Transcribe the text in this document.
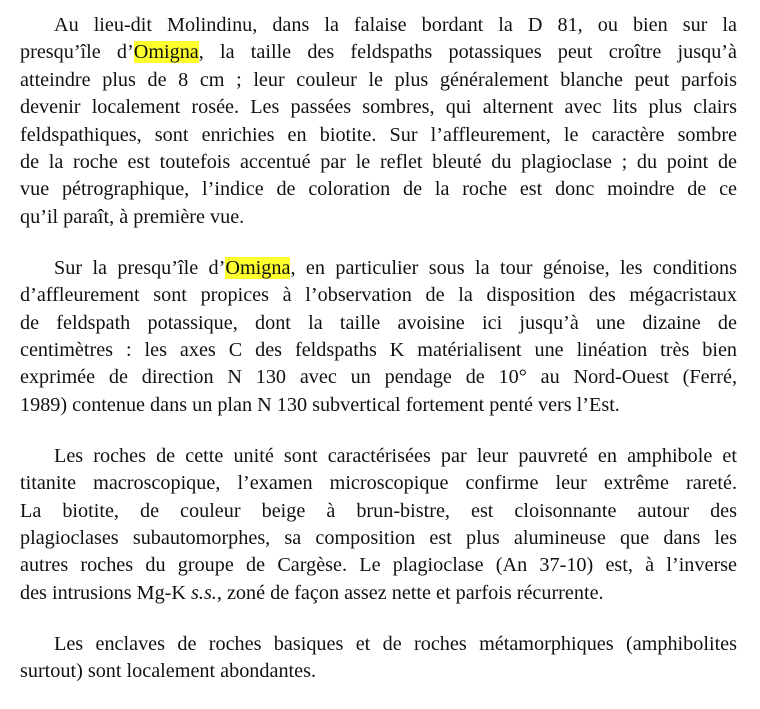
Au lieu-dit Molindinu, dans la falaise bordant la D 81, ou bien sur la
presqu’île d’Omigna, la taille des feldspaths potassiques peut croître jusqu’à
atteindre plus de 8 cm ; leur couleur le plus généralement blanche peut parfois
devenir localement rosée. Les passées sombres, qui alternent avec lits plus clairs
feldspathiques, sont enrichies en biotite. Sur l’affleurement, le caractère sombre
de la roche est toutefois accentué par le reflet bleuté du plagioclase ; du point de
vue pétrographique, l’indice de coloration de la roche est donc moindre de ce
qu’il paraît, à première vue.
Sur la presqu’île d’Omigna, en particulier sous la tour génoise, les conditions
d’affleurement sont propices à l’observation de la disposition des mégacristaux
de feldspath potassique, dont la taille avoisine ici jusqu’à une dizaine de
centimètres : les axes C des feldspaths K matérialisent une linéation très bien
exprimée de direction N 130 avec un pendage de 10° au Nord-Ouest (Ferré,
1989) contenue dans un plan N 130 subvertical fortement penté vers l’Est.
Les roches de cette unité sont caractérisées par leur pauvreté en amphibole et
titanite macroscopique, l’examen microscopique confirme leur extrême rareté.
La biotite, de couleur beige à brun-bistre, est cloisonnante autour des
plagioclases subautomorphes, sa composition est plus alumineuse que dans les
autres roches du groupe de Cargèse. Le plagioclase (An 37-10) est, à l’inverse
des intrusions Mg-K s.s., zoné de façon assez nette et parfois récurrente.
Les enclaves de roches basiques et de roches métamorphiques (amphibolites
surtout) sont localement abondantes.
